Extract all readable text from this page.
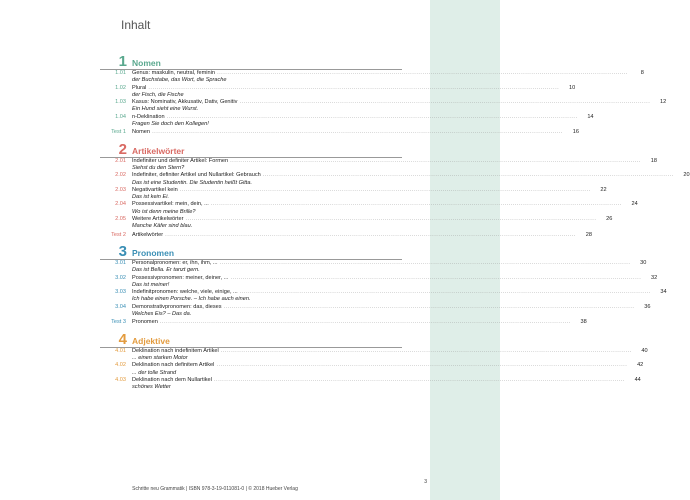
Inhalt
1 Nomen
1.01	Genus: maskulin, neutral, feminin ........................................................................................................................................................................................................	8
der Buchstabe, das Wort, die Sprache
1.02	Plural ........................................................................................................................................................................................................	10
der Fisch, die Fische
1.03	Kasus: Nominativ, Akkusativ, Dativ, Genitiv ........................................................................................................................................................................................................	12
Ein Hund sieht eine Wurst.
1.04	n-Deklination ........................................................................................................................................................................................................	14
Fragen Sie doch den Kollegen!
Test 1	Nomen ........................................................................................................................................................................................................	16
2 Artikelwörter
2.01	Indefiniter und definiter Artikel: Formen ........................................................................................................................................................................................................	18
Siehst du den Stern?
2.02	Indefiniter, definiter Artikel und Nullartikel: Gebrauch ........................................................................................................................................................................................................	20
Das ist eine Studentin. Die Studentin heißt Gitta.
2.03	Negativartikel kein ........................................................................................................................................................................................................	22
Das ist kein Ei.
2.04	Possessivartikel: mein, dein, ... ........................................................................................................................................................................................................	24
Wo ist denn meine Brille?
2.05	Weitere Artikelwörter ........................................................................................................................................................................................................	26
Manche Käfer sind blau.
Test 2	Artikelwörter ........................................................................................................................................................................................................	28
3 Pronomen
3.01	Personalpronomen: er, ihn, ihm, ... ........................................................................................................................................................................................................	30
Das ist Bella. Er tanzt gern.
3.02	Possessivpronomen: meiner, deiner, ... ........................................................................................................................................................................................................	32
Das ist meiner!
3.03	Indefinitpronomen: welche, viele, einige, ... ........................................................................................................................................................................................................	34
Ich habe einen Porsche. – Ich habe auch einen.
3.04	Demonstrativpronomen: das, dieses ........................................................................................................................................................................................................	36
Welches Eis? – Das da.
Test 3	Pronomen ........................................................................................................................................................................................................	38
4 Adjektive
4.01	Deklination nach indefinitem Artikel ........................................................................................................................................................................................................	40
... einen starken Motor
4.02	Deklination nach definitem Artikel ........................................................................................................................................................................................................	42
... der tolle Strand
4.03	Deklination nach dem Nullartikel ........................................................................................................................................................................................................	44
schönes Wetter
3
Schritte neu Grammatik | ISBN 978-3-19-011081-0 | © 2018 Hueber Verlag
